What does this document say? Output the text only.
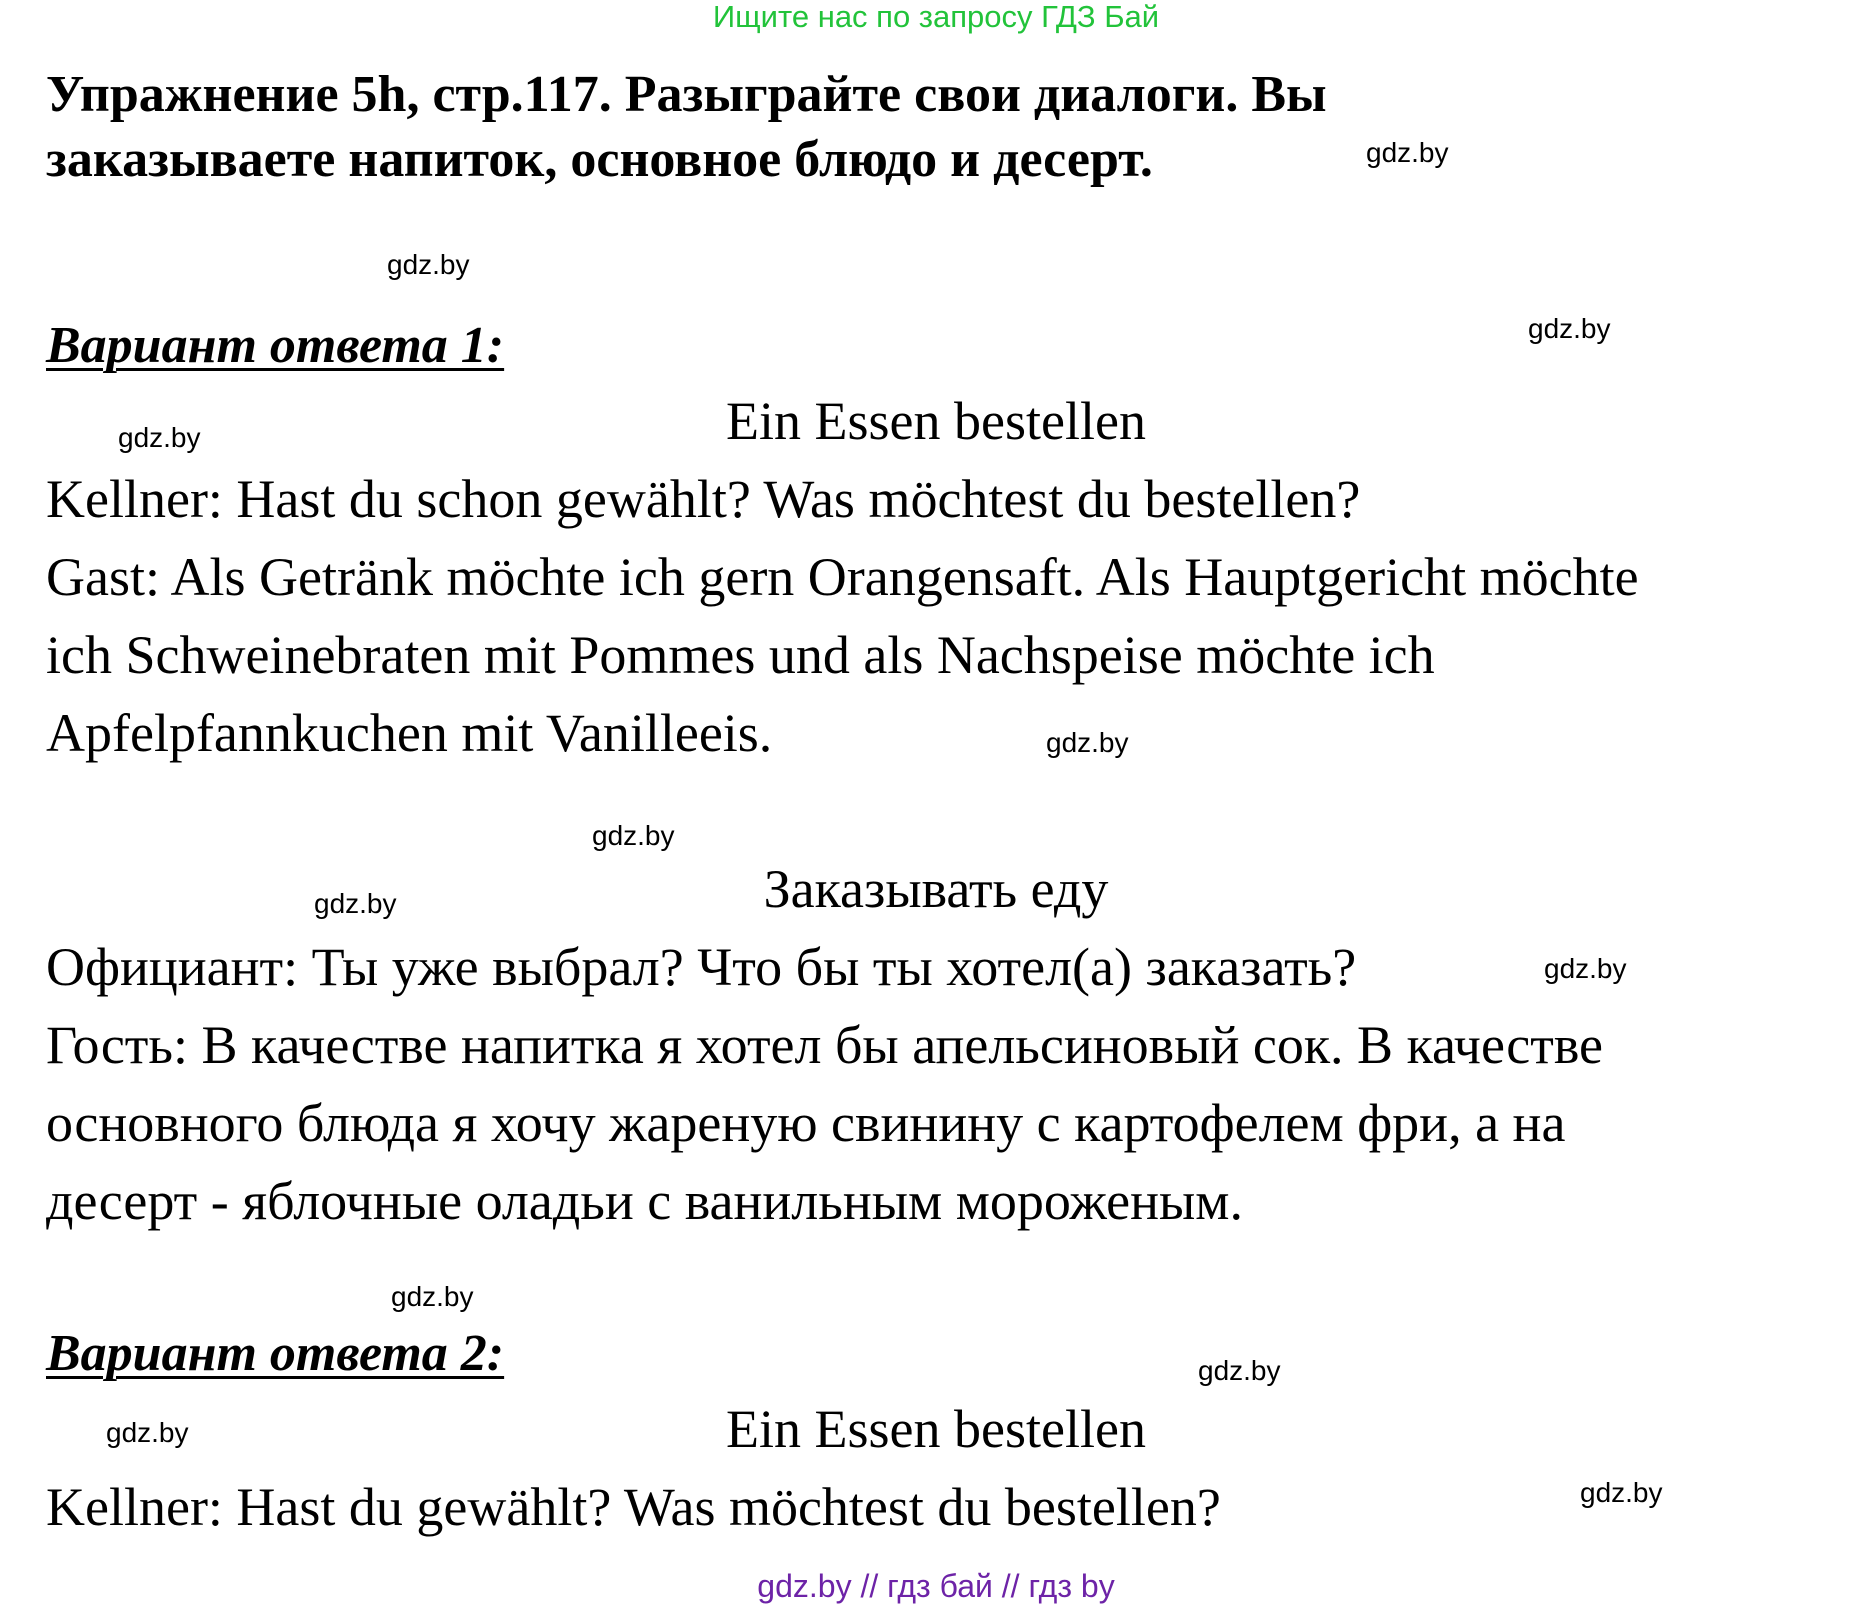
Ищите нас по запросу ГДЗ Бай
Упражнение 5h, стр.117. Разыграйте свои диалоги. Вы
заказываете напиток, основное блюдо и десерт.
Вариант ответа 1:
Ein Essen bestellen
Kellner: Hast du schon gewählt? Was möchtest du bestellen?
Gast: Als Getränk möchte ich gern Orangensaft. Als Hauptgericht möchte
ich Schweinebraten mit Pommes und als Nachspeise möchte ich
Apfelpfannkuchen mit Vanilleeis.
Заказывать еду
Официант: Ты уже выбрал? Что бы ты хотел(а) заказать?
Гость: В качестве напитка я хотел бы апельсиновый сок. В качестве
основного блюда я хочу жареную свинину с картофелем фри, а на
десерт - яблочные оладьи с ванильным мороженым.
Вариант ответа 2:
Ein Essen bestellen
Kellner: Hast du gewählt? Was möchtest du bestellen?
gdz.by
gdz.by
gdz.by
gdz.by
gdz.by
gdz.by
gdz.by
gdz.by
gdz.by
gdz.by
gdz.by
gdz.by
gdz.by // гдз бай // гдз by
